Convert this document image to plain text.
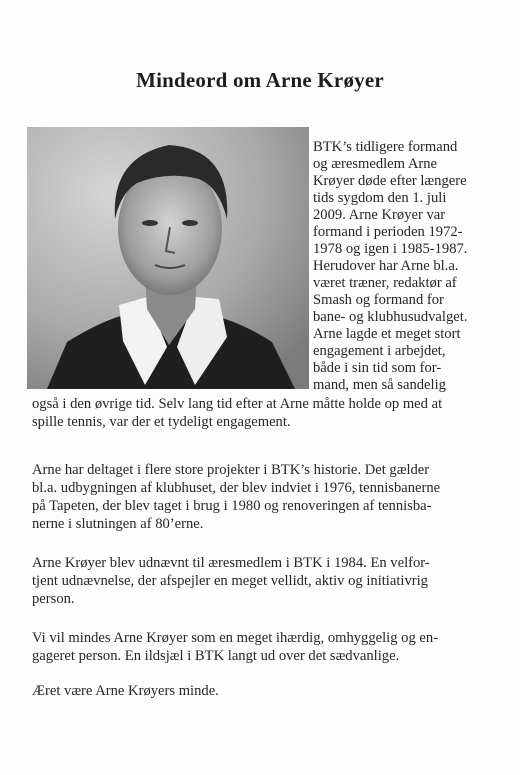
Mindeord om Arne Krøyer
BTK’s tidligere formand
og æresmedlem Arne
Krøyer døde efter længere
tids sygdom den 1. juli
2009. Arne Krøyer var
formand i perioden 1972-
1978 og igen i 1985-1987.
Herudover har Arne bl.a.
været træner, redaktør af
Smash og formand for
bane- og klubhusudvalget.
Arne lagde et meget stort
engagement i arbejdet,
både i sin tid som for-
mand, men så sandelig
også i den øvrige tid. Selv lang tid efter at Arne måtte holde op med at
spille tennis, var der et tydeligt engagement.
Arne har deltaget i flere store projekter i BTK’s historie. Det gælder
bl.a. udbygningen af klubhuset, der blev indviet i 1976, tennisbanerne
på Tapeten, der blev taget i brug i 1980 og renoveringen af tennisba-
nerne i slutningen af 80’erne.
Arne Krøyer blev udnævnt til æresmedlem i BTK i 1984. En velfor-
tjent udnævnelse, der afspejler en meget vellidt, aktiv og initiativrig
person.
Vi vil mindes Arne Krøyer som en meget ihærdig, omhyggelig og en-
gageret person. En ildsjæl i BTK langt ud over det sædvanlige.
Æret være Arne Krøyers minde.
